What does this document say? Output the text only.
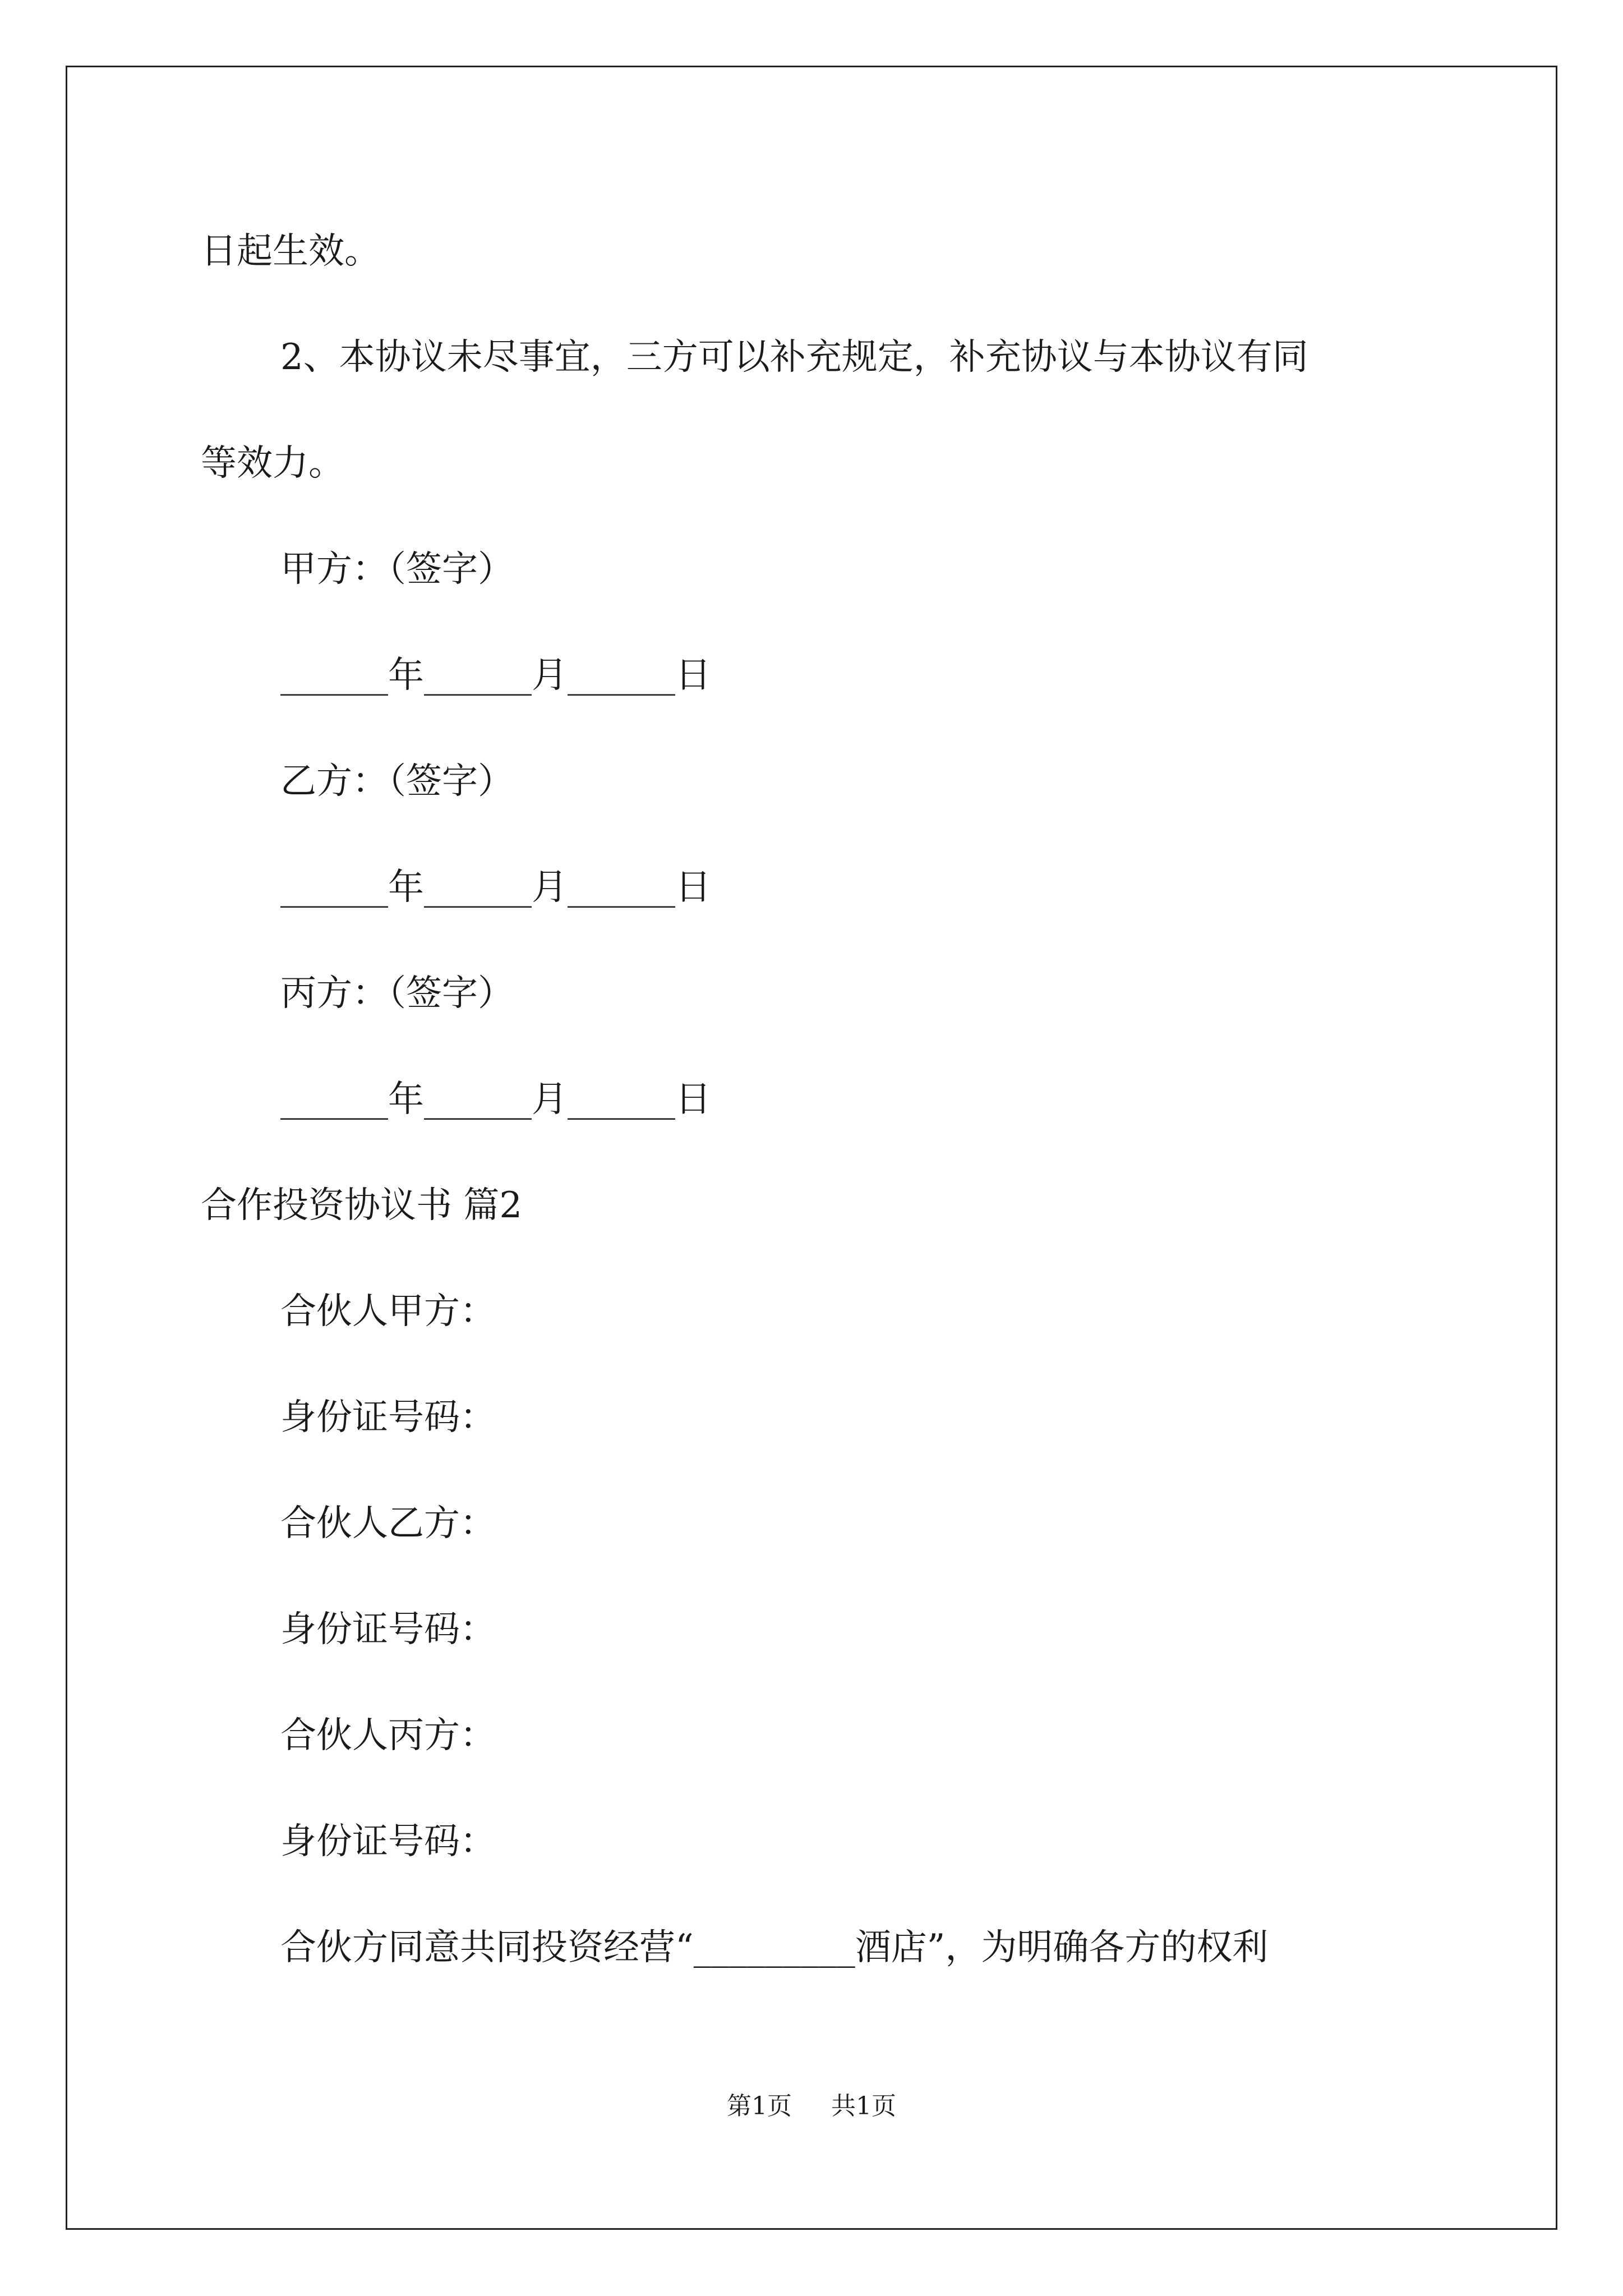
日起生效。
2、本协议未尽事宜，三方可以补充规定，补充协议与本协议有同
等效力。
甲方：（签字）
______年______月______日
乙方：（签字）
______年______月______日
丙方：（签字）
______年______月______日
合作投资协议书 篇2
合伙人甲方：
身份证号码：
合伙人乙方：
身份证号码：
合伙人丙方：
身份证号码：
合伙方同意共同投资经营“_________酒店”，为明确各方的权利
第1页 共1页
